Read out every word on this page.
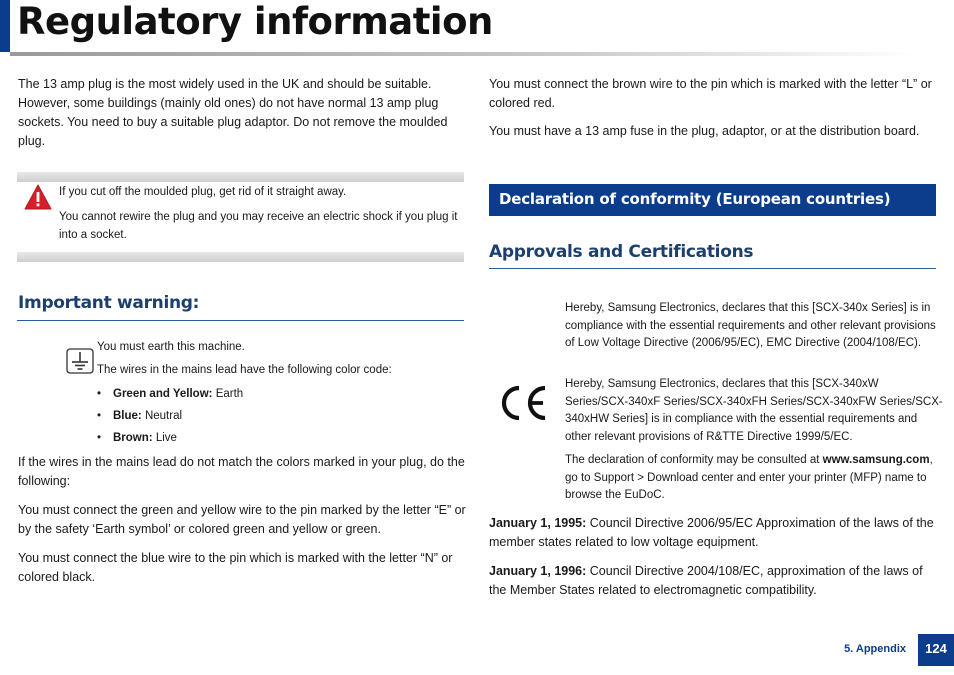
Regulatory information

The 13 amp plug is the most widely used in the UK and should be suitable. However, some buildings (mainly old ones) do not have normal 13 amp plug sockets. You need to buy a suitable plug adaptor. Do not remove the moulded plug.

If you cut off the moulded plug, get rid of it straight away.

You cannot rewire the plug and you may receive an electric shock if you plug it into a socket.

Important warning:

You must earth this machine.

The wires in the mains lead have the following color code:

• Green and Yellow: Earth
• Blue: Neutral
• Brown: Live

If the wires in the mains lead do not match the colors marked in your plug, do the following:

You must connect the green and yellow wire to the pin marked by the letter “E” or by the safety ‘Earth symbol’ or colored green and yellow or green.

You must connect the blue wire to the pin which is marked with the letter “N” or colored black.

You must connect the brown wire to the pin which is marked with the letter “L” or colored red.

You must have a 13 amp fuse in the plug, adaptor, or at the distribution board.

Declaration of conformity (European countries)
Approvals and Certifications

Hereby, Samsung Electronics, declares that this [SCX-340x Series] is in compliance with the essential requirements and other relevant provisions of Low Voltage Directive (2006/95/EC), EMC Directive (2004/108/EC).

Hereby, Samsung Electronics, declares that this [SCX-340xW Series/SCX-340xF Series/SCX-340xFH Series/SCX-340xFW Series/SCX-340xHW Series] is in compliance with the essential requirements and other relevant provisions of R&TTE Directive 1999/5/EC.

The declaration of conformity may be consulted at www.samsung.com, go to Support > Download center and enter your printer (MFP) name to browse the EuDoC.

January 1, 1995: Council Directive 2006/95/EC Approximation of the laws of the member states related to low voltage equipment.

January 1, 1996: Council Directive 2004/108/EC, approximation of the laws of the Member States related to electromagnetic compatibility.

5. Appendix	124
